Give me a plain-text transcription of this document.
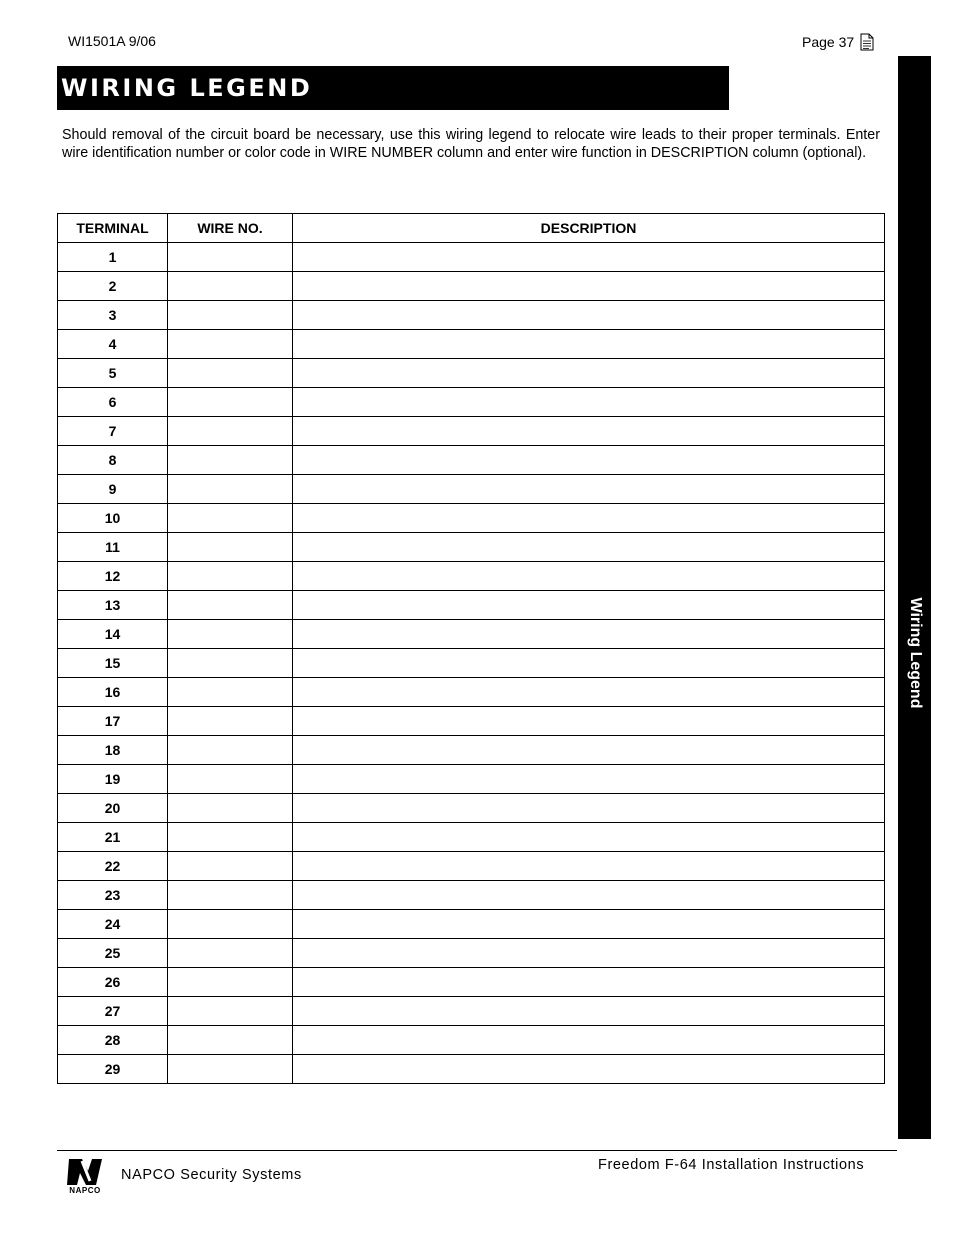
WI1501A 9/06	Page 37
WIRING LEGEND

Should removal of the circuit board be necessary, use this wiring legend to relocate wire leads to their proper terminals. Enter wire identification number or color code in WIRE NUMBER column and enter wire function in DESCRIPTION column (optional).

Wiring Legend
TERMINAL	WIRE NO.	DESCRIPTION
1		
2		
3		
4		
5		
6		
7		
8		
9		
10		
11		
12		
13		
14		
15		
16		
17		
18		
19		
20		
21		
22		
23		
24		
25		
26		
27		
28		
29		
NAPCO
NAPCO Security Systems
Freedom F-64 Installation Instructions
